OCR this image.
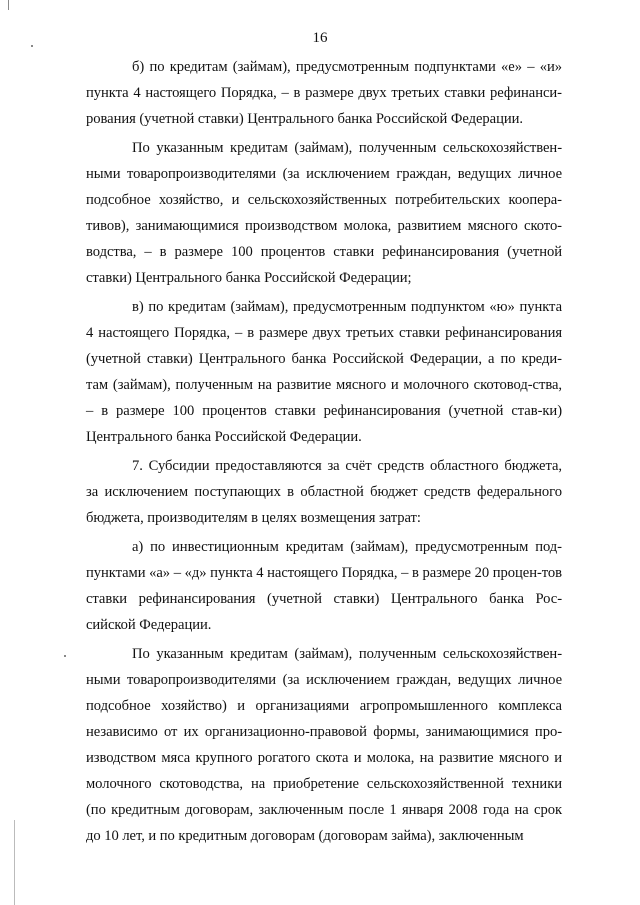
16

б) по кредитам (займам), предусмотренным подпунктами «е» – «и» пункта 4 настоящего Порядка, – в размере двух третьих ставки рефинанси-рования (учетной ставки) Центрального банка Российской Федерации.

По указанным кредитам (займам), полученным сельскохозяйствен-ными товаропроизводителями (за исключением граждан, ведущих личное подсобное хозяйство, и сельскохозяйственных потребительских коопера-тивов), занимающимися производством молока, развитием мясного ското-водства, – в размере 100 процентов ставки рефинансирования (учетной ставки) Центрального банка Российской Федерации;

в) по кредитам (займам), предусмотренным подпунктом «ю» пункта 4 настоящего Порядка, – в размере двух третьих ставки рефинансирования (учетной ставки) Центрального банка Российской Федерации, а по креди-там (займам), полученным на развитие мясного и молочного скотовод-ства, – в размере 100 процентов ставки рефинансирования (учетной став-ки) Центрального банка Российской Федерации.

7. Субсидии предоставляются за счёт средств областного бюджета, за исключением поступающих в областной бюджет средств федерального бюджета, производителям в целях возмещения затрат:

а) по инвестиционным кредитам (займам), предусмотренным под-пунктами «а» – «д» пункта 4 настоящего Порядка, – в размере 20 процен-тов ставки рефинансирования (учетной ставки) Центрального банка Рос-сийской Федерации.

По указанным кредитам (займам), полученным сельскохозяйствен-ными товаропроизводителями (за исключением граждан, ведущих личное подсобное хозяйство) и организациями агропромышленного комплекса независимо от их организационно-правовой формы, занимающимися про-изводством мяса крупного рогатого скота и молока, на развитие мясного и молочного скотоводства, на приобретение сельскохозяйственной техники (по кредитным договорам, заключенным после 1 января 2008 года на срок до 10 лет, и по кредитным договорам (договорам займа), заключенным
